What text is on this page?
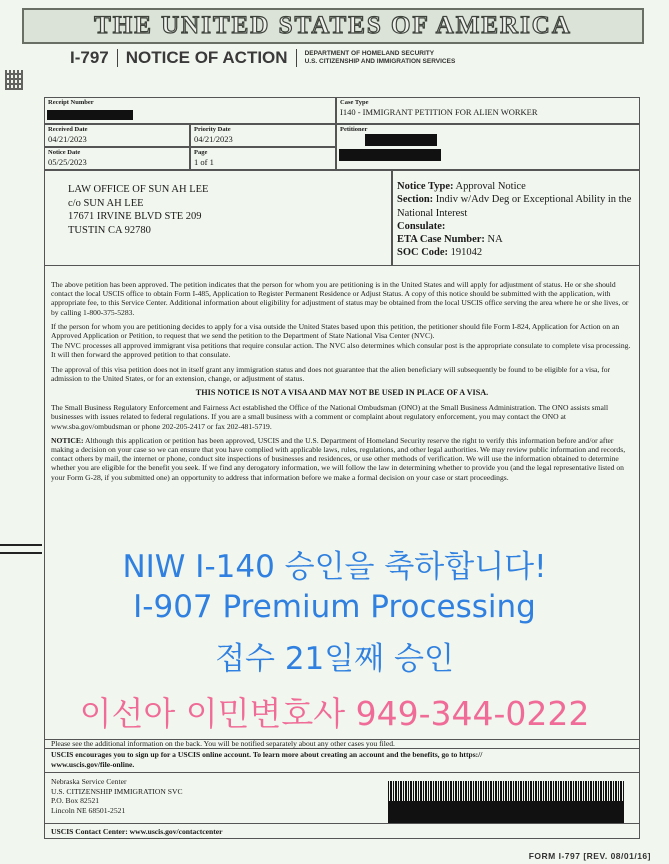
THE UNITED STATES OF AMERICA
I-797 NOTICE OF ACTION	DEPARTMENT OF HOMELAND SECURITY
U.S. CITIZENSHIP AND IMMIGRATION SERVICES
Receipt Number	Case Type
I140 - IMMIGRANT PETITION FOR ALIEN WORKER
Received Date
04/21/2023
Priority Date
04/21/2023
Petitioner
Notice Date
05/25/2023
Page
1 of 1
LAW OFFICE OF SUN AH LEE
c/o SUN AH LEE
17671 IRVINE BLVD STE 209
TUSTIN CA 92780
Notice Type: Approval Notice
Section: Indiv w/Adv Deg or Exceptional Ability in the National Interest
Consulate:
ETA Case Number: NA
SOC Code: 191042

The above petition has been approved. The petition indicates that the person for whom you are petitioning is in the United States and will apply for adjustment of status. He or she should contact the local USCIS office to obtain Form I-485, Application to Register Permanent Residence or Adjust Status. A copy of this notice should be submitted with the application, with appropriate fee, to this Service Center. Additional information about eligibility for adjustment of status may be obtained from the local USCIS office serving the area where he or she lives, or by calling 1-800-375-5283.

If the person for whom you are petitioning decides to apply for a visa outside the United States based upon this petition, the petitioner should file Form I-824, Application for Action on an Approved Application or Petition, to request that we send the petition to the Department of State National Visa Center (NVC).

The NVC processes all approved immigrant visa petitions that require consular action. The NVC also determines which consular post is the appropriate consulate to complete visa processing. It will then forward the approved petition to that consulate.

The approval of this visa petition does not in itself grant any immigration status and does not guarantee that the alien beneficiary will subsequently be found to be eligible for a visa, for admission to the United States, or for an extension, change, or adjustment of status.

THIS NOTICE IS NOT A VISA AND MAY NOT BE USED IN PLACE OF A VISA.

The Small Business Regulatory Enforcement and Fairness Act established the Office of the National Ombudsman (ONO) at the Small Business Administration. The ONO assists small businesses with issues related to federal regulations. If you are a small business with a comment or complaint about regulatory enforcement, you may contact the ONO at www.sba.gov/ombudsman or phone 202-205-2417 or fax 202-481-5719.

NOTICE: Although this application or petition has been approved, USCIS and the U.S. Department of Homeland Security reserve the right to verify this information before and/or after making a decision on your case so we can ensure that you have complied with applicable laws, rules, regulations, and other legal authorities. We may review public information and records, contact others by mail, the internet or phone, conduct site inspections of businesses and residences, or use other methods of verification. We will use the information obtained to determine whether you are eligible for the benefit you seek. If we find any derogatory information, we will follow the law in determining whether to provide you (and the legal representative listed on your Form G-28, if you submitted one) an opportunity to address that information before we make a formal decision on your case or start proceedings.

NIW I-140 승인을 축하합니다!
I-907 Premium Processing
접수 21일째 승인
이선아 이민변호사 949-344-0222
Please see the additional information on the back. You will be notified separately about any other cases you filed.
USCIS encourages you to sign up for a USCIS online account. To learn more about creating an account and the benefits, go to https://
www.uscis.gov/file-online.
Nebraska Service Center
U.S. CITIZENSHIP IMMIGRATION SVC
P.O. Box 82521
Lincoln NE 68501-2521
USCIS Contact Center: www.uscis.gov/contactcenter
FORM I-797 [REV. 08/01/16]
